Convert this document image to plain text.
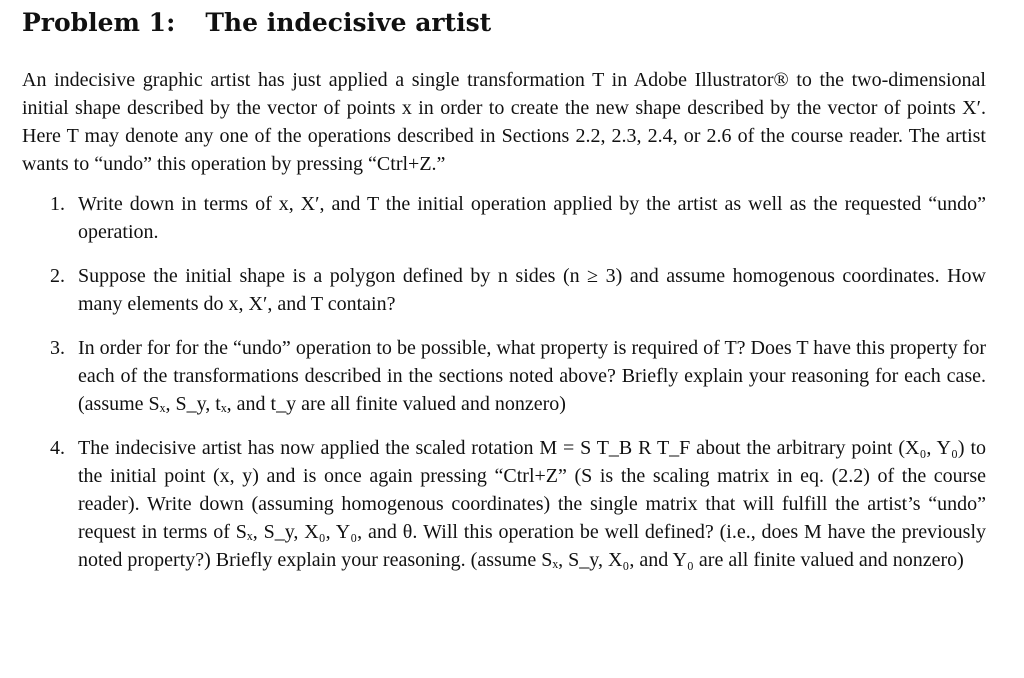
Problem 1: The indecisive artist

An indecisive graphic artist has just applied a single transformation T in Adobe Illustrator® to the two-dimensional initial shape described by the vector of points x in order to create the new shape described by the vector of points X′. Here T may denote any one of the operations described in Sections 2.2, 2.3, 2.4, or 2.6 of the course reader. The artist wants to “undo” this operation by pressing “Ctrl+Z.”

1. Write down in terms of x, X′, and T the initial operation applied by the artist as well as the requested “undo” operation.
2. Suppose the initial shape is a polygon defined by n sides (n ≥ 3) and assume homogenous coordinates. How many elements do x, X′, and T contain?
3. In order for for the “undo” operation to be possible, what property is required of T? Does T have this property for each of the transformations described in the sections noted above? Briefly explain your reasoning for each case. (assume Sₓ, S_y, tₓ, and t_y are all finite valued and nonzero)
4. The indecisive artist has now applied the scaled rotation M = S T_B R T_F about the arbitrary point (X₀, Y₀) to the initial point (x, y) and is once again pressing “Ctrl+Z” (S is the scaling matrix in eq. (2.2) of the course reader). Write down (assuming homogenous coordinates) the single matrix that will fulfill the artist’s “undo” request in terms of Sₓ, S_y, X₀, Y₀, and θ. Will this operation be well defined? (i.e., does M have the previously noted property?) Briefly explain your reasoning. (assume Sₓ, S_y, X₀, and Y₀ are all finite valued and nonzero)
